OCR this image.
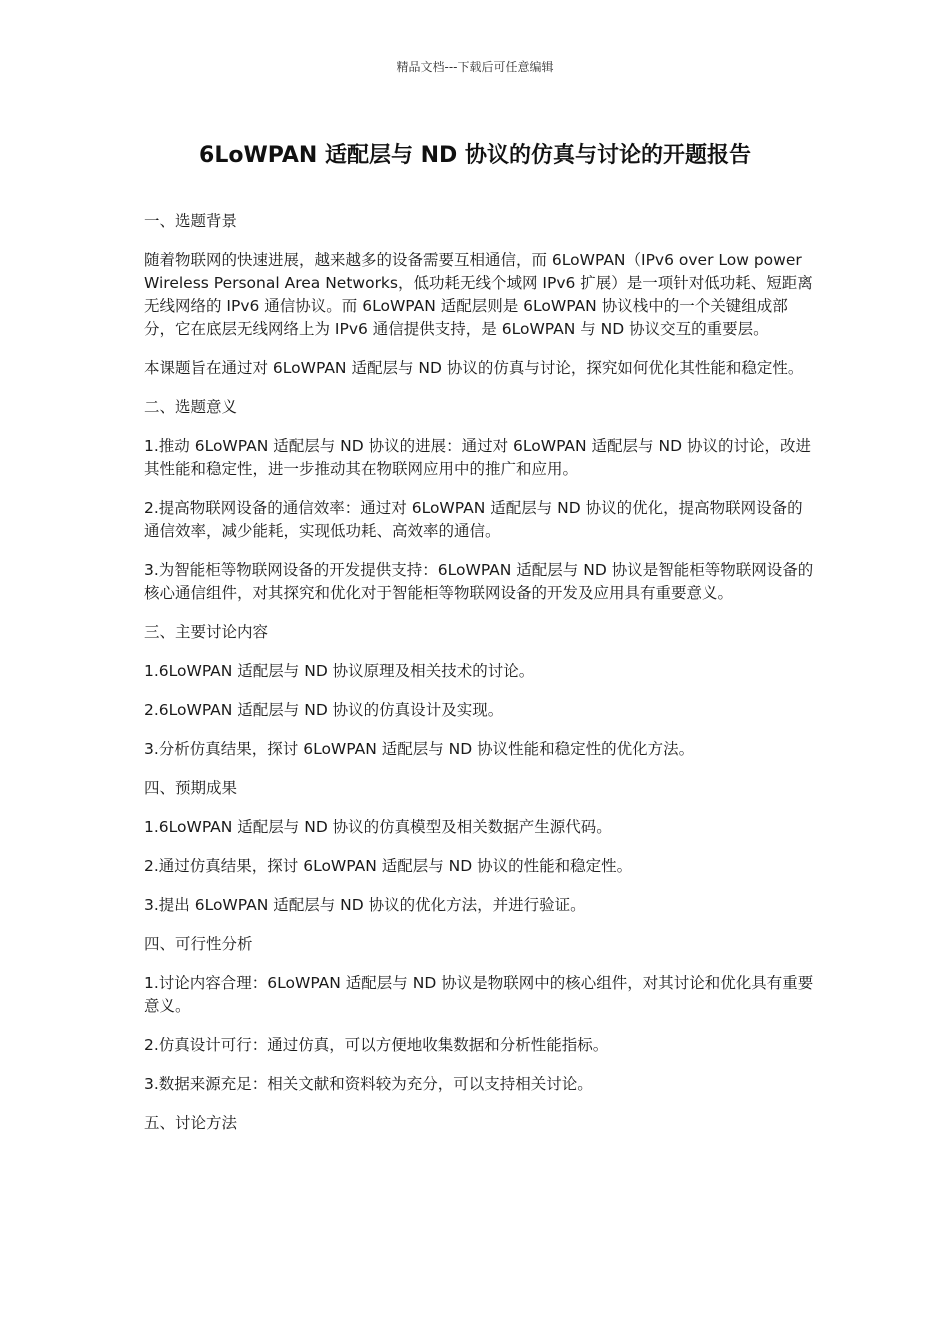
精品文档---下载后可任意编辑
6LoWPAN 适配层与 ND 协议的仿真与讨论的开题报告

一、选题背景

随着物联网的快速进展，越来越多的设备需要互相通信，而 6LoWPAN（IPv6 over Low power Wireless Personal Area Networks，低功耗无线个域网 IPv6 扩展）是一项针对低功耗、短距离无线网络的 IPv6 通信协议。而 6LoWPAN 适配层则是 6LoWPAN 协议栈中的一个关键组成部分，它在底层无线网络上为 IPv6 通信提供支持，是 6LoWPAN 与 ND 协议交互的重要层。

本课题旨在通过对 6LoWPAN 适配层与 ND 协议的仿真与讨论，探究如何优化其性能和稳定性。

二、选题意义

1.推动 6LoWPAN 适配层与 ND 协议的进展：通过对 6LoWPAN 适配层与 ND 协议的讨论，改进其性能和稳定性，进一步推动其在物联网应用中的推广和应用。

2.提高物联网设备的通信效率：通过对 6LoWPAN 适配层与 ND 协议的优化，提高物联网设备的通信效率，减少能耗，实现低功耗、高效率的通信。

3.为智能柜等物联网设备的开发提供支持：6LoWPAN 适配层与 ND 协议是智能柜等物联网设备的核心通信组件，对其探究和优化对于智能柜等物联网设备的开发及应用具有重要意义。

三、主要讨论内容

1.6LoWPAN 适配层与 ND 协议原理及相关技术的讨论。

2.6LoWPAN 适配层与 ND 协议的仿真设计及实现。

3.分析仿真结果，探讨 6LoWPAN 适配层与 ND 协议性能和稳定性的优化方法。

四、预期成果

1.6LoWPAN 适配层与 ND 协议的仿真模型及相关数据产生源代码。

2.通过仿真结果，探讨 6LoWPAN 适配层与 ND 协议的性能和稳定性。

3.提出 6LoWPAN 适配层与 ND 协议的优化方法，并进行验证。

四、可行性分析

1.讨论内容合理：6LoWPAN 适配层与 ND 协议是物联网中的核心组件，对其讨论和优化具有重要意义。

2.仿真设计可行：通过仿真，可以方便地收集数据和分析性能指标。

3.数据来源充足：相关文献和资料较为充分，可以支持相关讨论。

五、讨论方法
